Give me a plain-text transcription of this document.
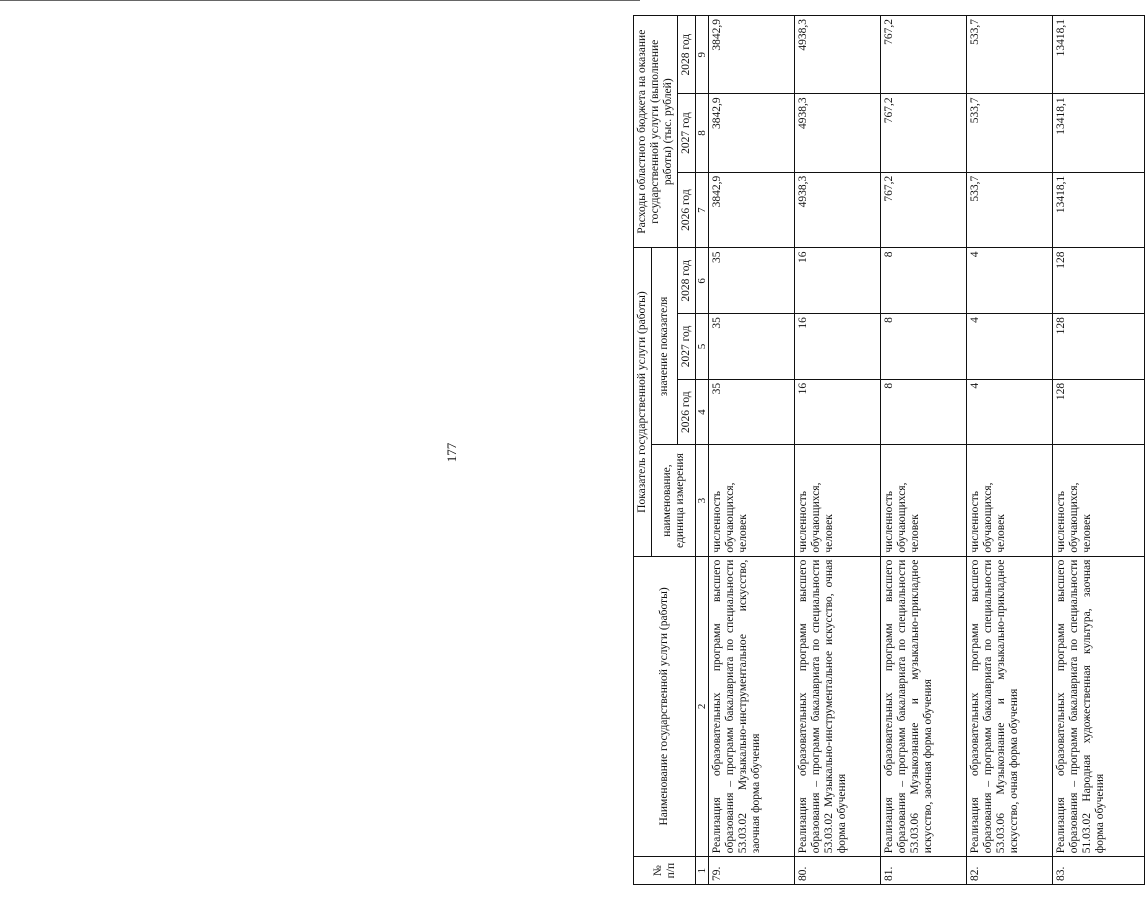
177
№ п/п	Наименование государственной услуги (работы)	Показатель государственной услуги (работы)				Расходы областного бюджета на оказание государственной услуги (выполнение работы) (тыс. рублей)		
		наименование, единица измерения	значение показателя					
			2026 год	2027 год	2028 год	2026 год	2027 год	2028 год
1	2	3	4	5	6	7	8	9
79.	Реализация образовательных программ высшего образования – программ бакалавриата по специальности 53.03.02 Музыкально-инструментальное искусство, заочная форма обучения	численность обучающихся, человек	35	35	35	3842,9	3842,9	3842,9
80.	Реализация образовательных программ высшего образования – программ бакалавриата по специальности 53.03.02 Музыкально-инструментальное искусство, очная форма обучения	численность обучающихся, человек	16	16	16	4938,3	4938,3	4938,3
81.	Реализация образовательных программ высшего образования – программ бакалавриата по специальности 53.03.06 Музыкознание и музыкально-прикладное искусство, заочная форма обучения	численность обучающихся, человек	8	8	8	767,2	767,2	767,2
82.	Реализация образовательных программ высшего образования – программ бакалавриата по специальности 53.03.06 Музыкознание и музыкально-прикладное искусство, очная форма обучения	численность обучающихся, человек	4	4	4	533,7	533,7	533,7
83.	Реализация образовательных программ высшего образования – программ бакалавриата по специальности 51.03.02 Народная художественная культура, заочная форма обучения	численность обучающихся, человек	128	128	128	13418,1	13418,1	13418,1
